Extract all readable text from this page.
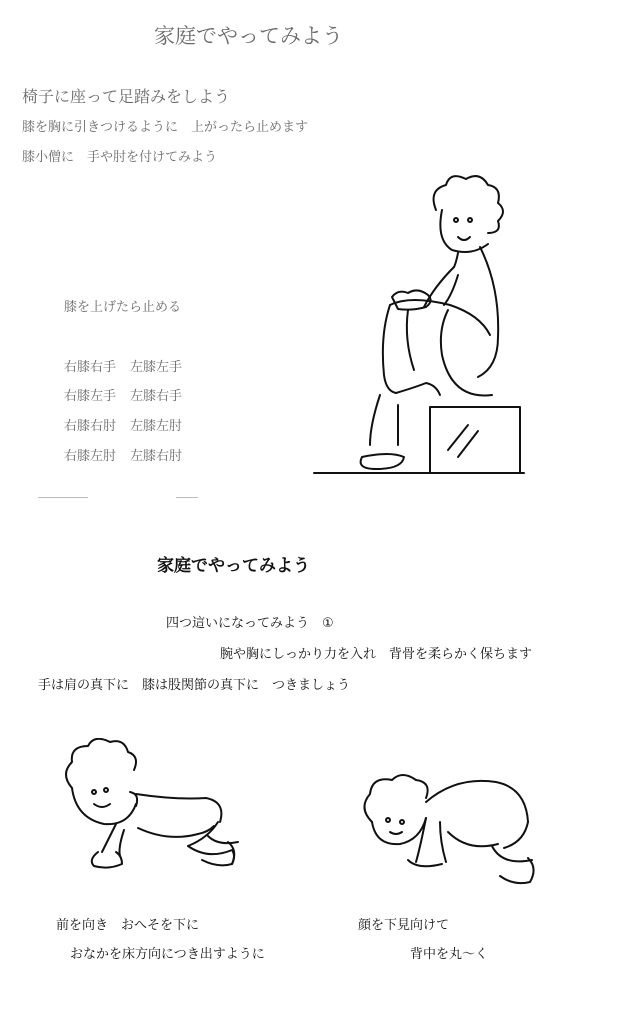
家庭でやってみよう
椅子に座って足踏みをしよう
膝を胸に引きつけるように　上がったら止めます
膝小僧に　手や肘を付けてみよう
膝を上げたら止める
右膝右手 左膝左手
右膝左手 左膝右手
右膝右肘 左膝左肘
右膝左肘 左膝右肘
家庭でやってみよう
四つ這いになってみよう　①
腕や胸にしっかり力を入れ　背骨を柔らかく保ちます
手は肩の真下に　膝は股関節の真下に　つきましょう
前を向き　おへそを下に
おなかを床方向につき出すように
顔を下見向けて
背中を丸～く
